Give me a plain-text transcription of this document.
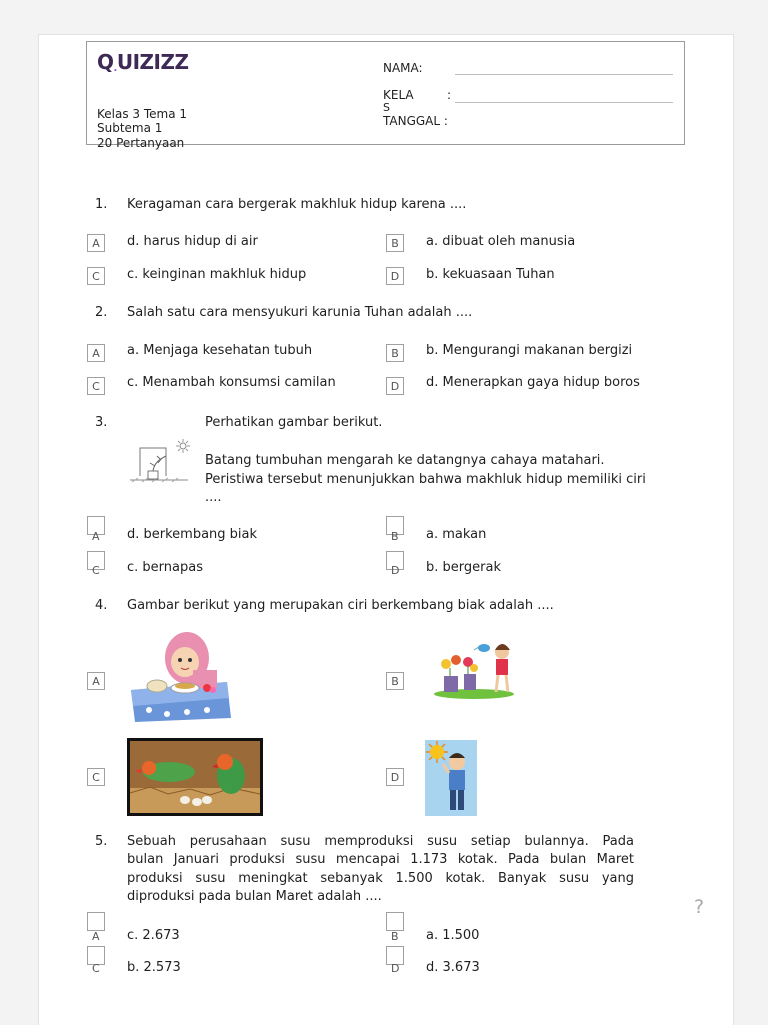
Q.UIZIZZ
Kelas 3 Tema 1
Subtema 1
20 Pertanyaan
NAMA:
KELA
S
:
TANGGAL :
1. Keragaman cara bergerak makhluk hidup karena ....
A	d. harus hidup di air	B	a. dibuat oleh manusia
C	c. keinginan makhluk hidup	D	b. kekuasaan Tuhan
2. Salah satu cara mensyukuri karunia Tuhan adalah ....
A	a. Menjaga kesehatan tubuh	B	b. Mengurangi makanan bergizi
C	c. Menambah konsumsi camilan	D	d. Menerapkan gaya hidup boros
3.	Perhatikan gambar berikut.
Batang tumbuhan mengarah ke datangnya cahaya matahari.
Peristiwa tersebut menunjukkan bahwa makhluk hidup memiliki ciri
....
A d. berkembang biak	B a. makan
C c. bernapas	D b. bergerak
4. Gambar berikut yang merupakan ciri berkembang biak adalah ....
A	B
C	D
5. Sebuah perusahaan susu memproduksi susu setiap bulannya. Pada
bulan Januari produksi susu mencapai 1.173 kotak. Pada bulan Maret
produksi susu meningkat sebanyak 1.500 kotak. Banyak susu yang
diproduksi pada bulan Maret adalah ....
A c. 2.673	B a. 1.500
C b. 2.573	D d. 3.673
?
